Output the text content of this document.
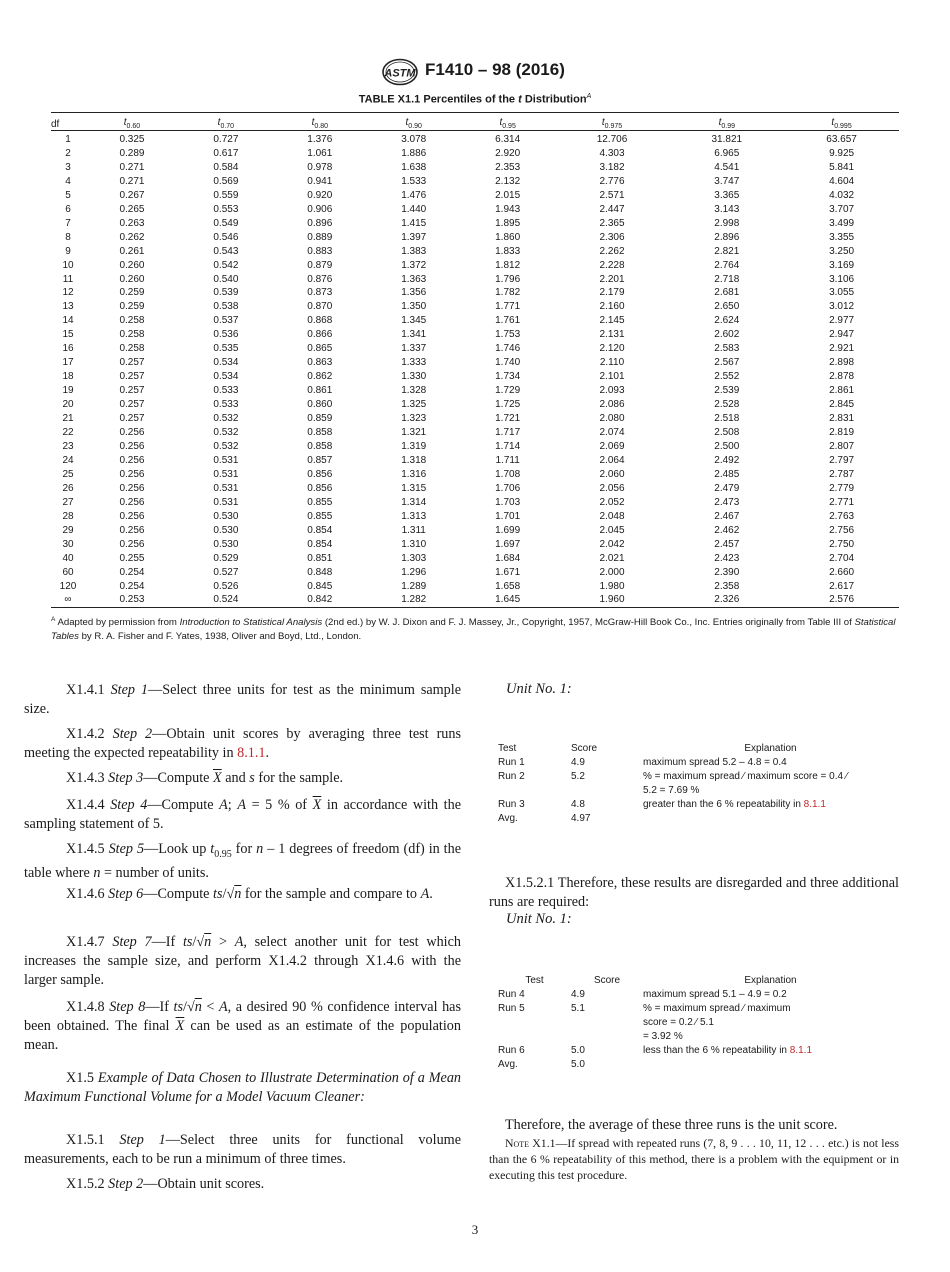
ASTM F1410 – 98 (2016)
TABLE X1.1 Percentiles of the t Distribution$^A$
df	$t_{0.60}$	$t_{0.70}$	$t_{0.80}$	$t_{0.90}$	$t_{0.95}$	$t_{0.975}$	$t_{0.99}$	$t_{0.995}$
1	0.325	0.727	1.376	3.078	6.314	12.706	31.821	63.657
2	0.289	0.617	1.061	1.886	2.920	4.303	6.965	9.925
3	0.271	0.584	0.978	1.638	2.353	3.182	4.541	5.841
4	0.271	0.569	0.941	1.533	2.132	2.776	3.747	4.604
5	0.267	0.559	0.920	1.476	2.015	2.571	3.365	4.032
6	0.265	0.553	0.906	1.440	1.943	2.447	3.143	3.707
7	0.263	0.549	0.896	1.415	1.895	2.365	2.998	3.499
8	0.262	0.546	0.889	1.397	1.860	2.306	2.896	3.355
9	0.261	0.543	0.883	1.383	1.833	2.262	2.821	3.250
10	0.260	0.542	0.879	1.372	1.812	2.228	2.764	3.169
11	0.260	0.540	0.876	1.363	1.796	2.201	2.718	3.106
12	0.259	0.539	0.873	1.356	1.782	2.179	2.681	3.055
13	0.259	0.538	0.870	1.350	1.771	2.160	2.650	3.012
14	0.258	0.537	0.868	1.345	1.761	2.145	2.624	2.977
15	0.258	0.536	0.866	1.341	1.753	2.131	2.602	2.947
16	0.258	0.535	0.865	1.337	1.746	2.120	2.583	2.921
17	0.257	0.534	0.863	1.333	1.740	2.110	2.567	2.898
18	0.257	0.534	0.862	1.330	1.734	2.101	2.552	2.878
19	0.257	0.533	0.861	1.328	1.729	2.093	2.539	2.861
20	0.257	0.533	0.860	1.325	1.725	2.086	2.528	2.845
21	0.257	0.532	0.859	1.323	1.721	2.080	2.518	2.831
22	0.256	0.532	0.858	1.321	1.717	2.074	2.508	2.819
23	0.256	0.532	0.858	1.319	1.714	2.069	2.500	2.807
24	0.256	0.531	0.857	1.318	1.711	2.064	2.492	2.797
25	0.256	0.531	0.856	1.316	1.708	2.060	2.485	2.787
26	0.256	0.531	0.856	1.315	1.706	2.056	2.479	2.779
27	0.256	0.531	0.855	1.314	1.703	2.052	2.473	2.771
28	0.256	0.530	0.855	1.313	1.701	2.048	2.467	2.763
29	0.256	0.530	0.854	1.311	1.699	2.045	2.462	2.756
30	0.256	0.530	0.854	1.310	1.697	2.042	2.457	2.750
40	0.255	0.529	0.851	1.303	1.684	2.021	2.423	2.704
60	0.254	0.527	0.848	1.296	1.671	2.000	2.390	2.660
120	0.254	0.526	0.845	1.289	1.658	1.980	2.358	2.617
∞	0.253	0.524	0.842	1.282	1.645	1.960	2.326	2.576
$^A$ Adapted by permission from Introduction to Statistical Analysis (2nd ed.) by W. J. Dixon and F. J. Massey, Jr., Copyright, 1957, McGraw-Hill Book Co., Inc. Entries originally from Table III of Statistical Tables by R. A. Fisher and F. Yates, 1938, Oliver and Boyd, Ltd., London.
X1.4.1 Step 1—Select three units for test as the minimum sample size.
X1.4.2 Step 2—Obtain unit scores by averaging three test runs meeting the expected repeatability in 8.1.1.
X1.4.3 Step 3—Compute $\overline{X}$ and s for the sample.
X1.4.4 Step 4—Compute A; A = 5 % of $\overline{X}$ in accordance with the sampling statement of 5.
X1.4.5 Step 5—Look up $t_{0.95}$ for n – 1 degrees of freedom (df) in the table where n = number of units.
X1.4.6 Step 6—Compute ts/√n for the sample and compare to A.
X1.4.7 Step 7—If ts/√n > A, select another unit for test which increases the sample size, and perform X1.4.2 through X1.4.6 with the larger sample.
X1.4.8 Step 8—If ts/√n < A, a desired 90 % confidence interval has been obtained. The final $\overline{X}$ can be used as an estimate of the population mean.
X1.5 Example of Data Chosen to Illustrate Determination of a Mean Maximum Functional Volume for a Model Vacuum Cleaner:
X1.5.1 Step 1—Select three units for functional volume measurements, each to be run a minimum of three times.
X1.5.2 Step 2—Obtain unit scores.
Unit No. 1:
Test	Score	Explanation
Run 1	4.9	maximum spread 5.2 – 4.8 = 0.4
Run 2	5.2	% = maximum spread ⁄ maximum score = 0.4 ⁄
5.2 = 7.69 %
Run 3	4.8	greater than the 6 % repeatability in 8.1.1
Avg.	4.97	
X1.5.2.1 Therefore, these results are disregarded and three additional runs are required:
Unit No. 1:
Test	Score	Explanation
Run 4	4.9	maximum spread 5.1 – 4.9 = 0.2
Run 5	5.1	% = maximum spread ⁄ maximum
score = 0.2 ⁄ 5.1
= 3.92 %
Run 6	5.0	less than the 6 % repeatability in 8.1.1
Avg.	5.0	
Therefore, the average of these three runs is the unit score.
Note X1.1—If spread with repeated runs (7, 8, 9 . . . 10, 11, 12 . . . etc.) is not less than the 6 % repeatability of this method, there is a problem with the equipment or in executing this test procedure.
3
